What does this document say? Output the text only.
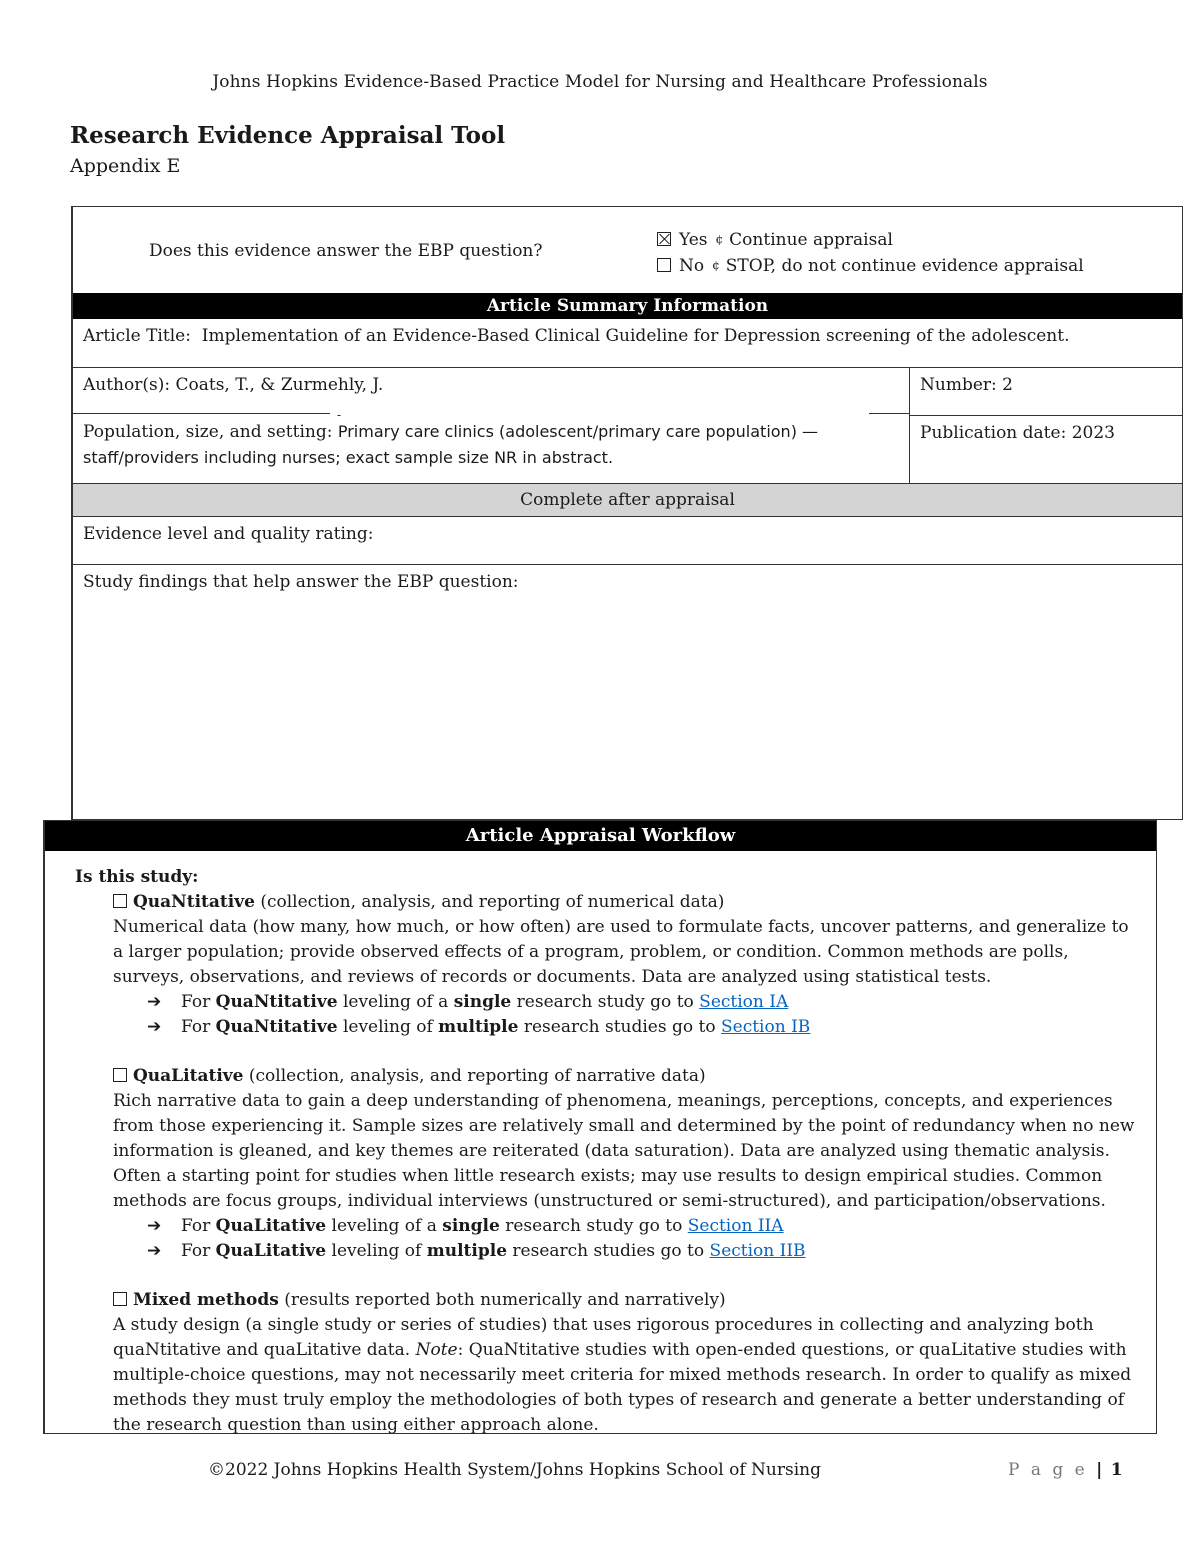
Johns Hopkins Evidence-Based Practice Model for Nursing and Healthcare Professionals
Research Evidence Appraisal Tool
Appendix E
Does this evidence answer the EBP question?
Yes ¢ Continue appraisal
No ¢ STOP, do not continue evidence appraisal
Article Summary Information
Article Title: Implementation of an Evidence-Based Clinical Guideline for Depression screening of the adolescent.
Author(s): Coats, T., & Zurmehly, J.	Number: 2
-
Population, size, and setting: Primary care clinics (adolescent/primary care population) —
staff/providers including nurses; exact sample size NR in abstract.
Publication date: 2023
Complete after appraisal
Evidence level and quality rating:
Study findings that help answer the EBP question:
Article Appraisal Workflow
Is this study:
QuaNtitative (collection, analysis, and reporting of numerical data)
Numerical data (how many, how much, or how often) are used to formulate facts, uncover patterns, and generalize to
a larger population; provide observed effects of a program, problem, or condition. Common methods are polls,
surveys, observations, and reviews of records or documents. Data are analyzed using statistical tests.
➔ For QuaNtitative leveling of a single research study go to Section IA
➔ For QuaNtitative leveling of multiple research studies go to Section IB
QuaLitative (collection, analysis, and reporting of narrative data)
Rich narrative data to gain a deep understanding of phenomena, meanings, perceptions, concepts, and experiences
from those experiencing it. Sample sizes are relatively small and determined by the point of redundancy when no new
information is gleaned, and key themes are reiterated (data saturation). Data are analyzed using thematic analysis.
Often a starting point for studies when little research exists; may use results to design empirical studies. Common
methods are focus groups, individual interviews (unstructured or semi-structured), and participation/observations.
➔ For QuaLitative leveling of a single research study go to Section IIA
➔ For QuaLitative leveling of multiple research studies go to Section IIB
Mixed methods (results reported both numerically and narratively)
A study design (a single study or series of studies) that uses rigorous procedures in collecting and analyzing both
quaNtitative and quaLitative data. Note: QuaNtitative studies with open-ended questions, or quaLitative studies with
multiple-choice questions, may not necessarily meet criteria for mixed methods research. In order to qualify as mixed
methods they must truly employ the methodologies of both types of research and generate a better understanding of
the research question than using either approach alone.
©2022 Johns Hopkins Health System/Johns Hopkins School of Nursing	P a g e | 1
